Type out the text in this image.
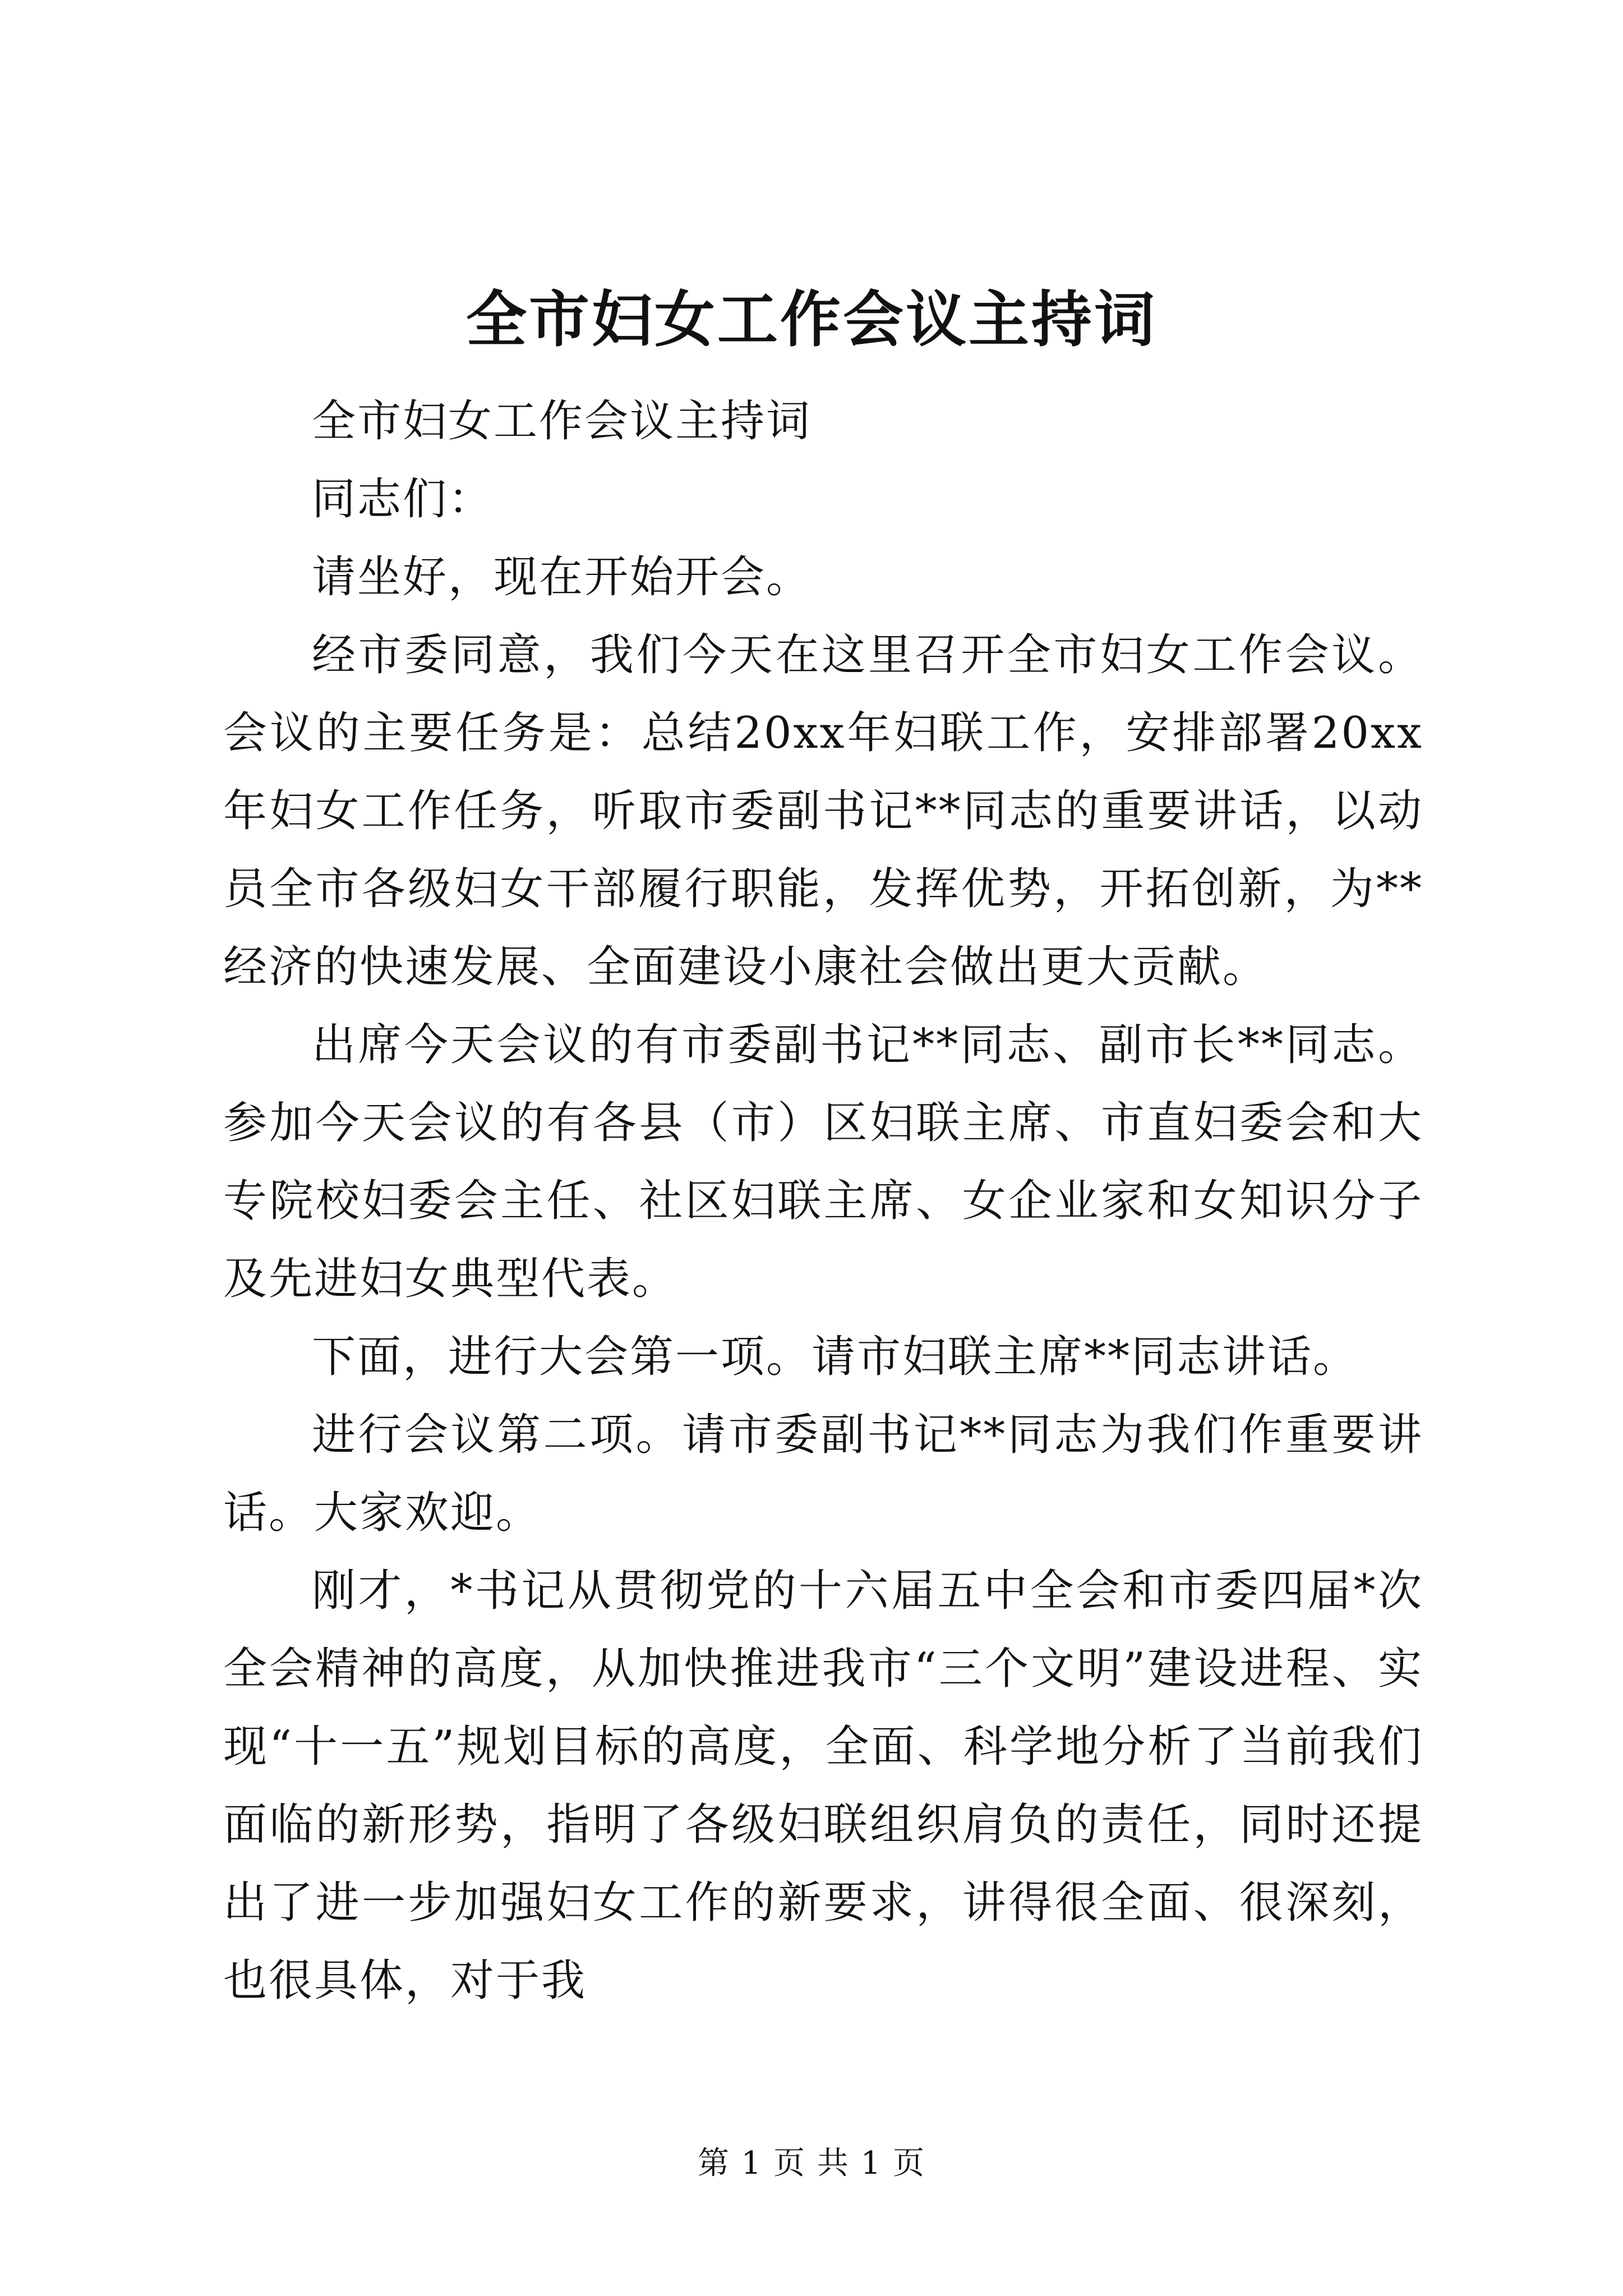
全市妇女工作会议主持词

全市妇女工作会议主持词

同志们：

请坐好，现在开始开会。

经市委同意，我们今天在这里召开全市妇女工作会议。会议的主要任务是：总结20xx年妇联工作，安排部署20xx年妇女工作任务，听取市委副书记**同志的重要讲话，以动员全市各级妇女干部履行职能，发挥优势，开拓创新，为**经济的快速发展、全面建设小康社会做出更大贡献。

出席今天会议的有市委副书记**同志、副市长**同志。参加今天会议的有各县（市）区妇联主席、市直妇委会和大专院校妇委会主任、社区妇联主席、女企业家和女知识分子及先进妇女典型代表。

下面，进行大会第一项。请市妇联主席**同志讲话。

进行会议第二项。请市委副书记**同志为我们作重要讲话。大家欢迎。

刚才，*书记从贯彻党的十六届五中全会和市委四届*次全会精神的高度，从加快推进我市“三个文明”建设进程、实现“十一五”规划目标的高度，全面、科学地分析了当前我们面临的新形势，指明了各级妇联组织肩负的责任，同时还提出了进一步加强妇女工作的新要求，讲得很全面、很深刻，也很具体，对于我

第 1 页 共 1 页
